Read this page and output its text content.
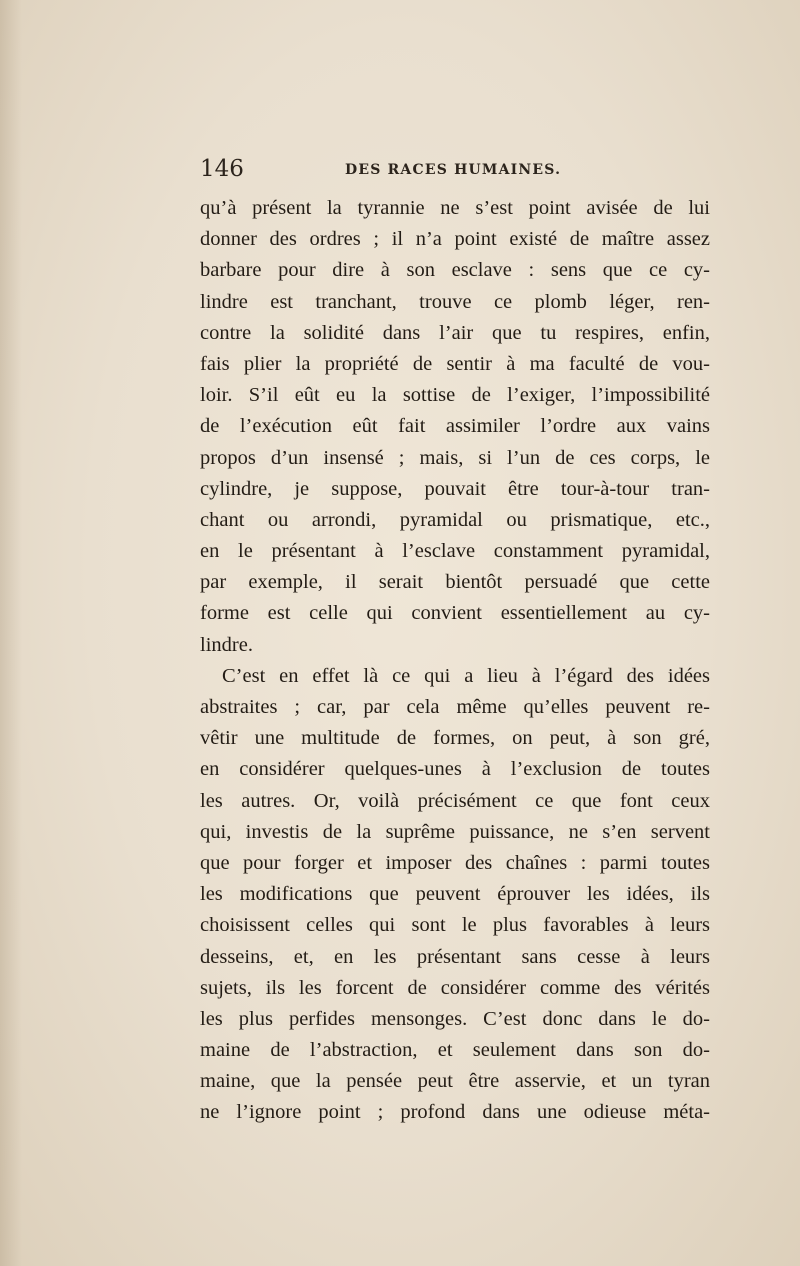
146	DES RACES HUMAINES.
qu’à présent la tyrannie ne s’est point avisée de lui
donner des ordres ; il n’a point existé de maître assez
barbare pour dire à son esclave : sens que ce cy-
lindre est tranchant, trouve ce plomb léger, ren-
contre la solidité dans l’air que tu respires, enfin,
fais plier la propriété de sentir à ma faculté de vou-
loir. S’il eût eu la sottise de l’exiger, l’impossibilité
de l’exécution eût fait assimiler l’ordre aux vains
propos d’un insensé ; mais, si l’un de ces corps, le
cylindre, je suppose, pouvait être tour-à-tour tran-
chant ou arrondi, pyramidal ou prismatique, etc.,
en le présentant à l’esclave constamment pyramidal,
par exemple, il serait bientôt persuadé que cette
forme est celle qui convient essentiellement au cy-
lindre.
C’est en effet là ce qui a lieu à l’égard des idées
abstraites ; car, par cela même qu’elles peuvent re-
vêtir une multitude de formes, on peut, à son gré,
en considérer quelques-unes à l’exclusion de toutes
les autres. Or, voilà précisément ce que font ceux
qui, investis de la suprême puissance, ne s’en servent
que pour forger et imposer des chaînes : parmi toutes
les modifications que peuvent éprouver les idées, ils
choisissent celles qui sont le plus favorables à leurs
desseins, et, en les présentant sans cesse à leurs
sujets, ils les forcent de considérer comme des vérités
les plus perfides mensonges. C’est donc dans le do-
maine de l’abstraction, et seulement dans son do-
maine, que la pensée peut être asservie, et un tyran
ne l’ignore point ; profond dans une odieuse méta-
